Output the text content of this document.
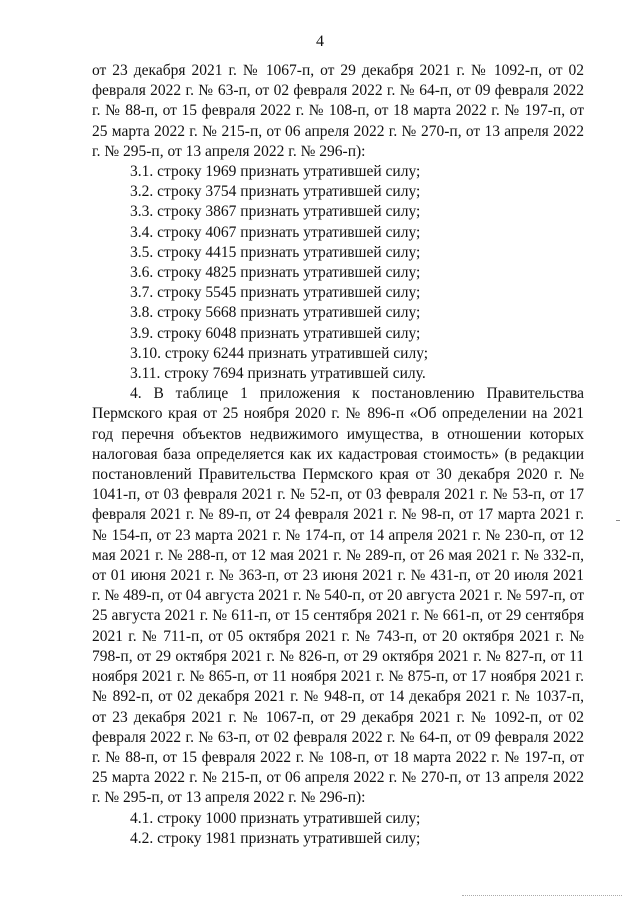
4

от 23 декабря 2021 г. № 1067-п, от 29 декабря 2021 г. № 1092-п, от 02 февраля 2022 г. № 63-п, от 02 февраля 2022 г. № 64-п, от 09 февраля 2022 г. № 88-п, от 15 февраля 2022 г. № 108-п, от 18 марта 2022 г. № 197-п, от 25 марта 2022 г. № 215-п, от 06 апреля 2022 г. № 270-п, от 13 апреля 2022 г. № 295-п, от 13 апреля 2022 г. № 296-п):

3.1. строку 1969 признать утратившей силу;

3.2. строку 3754 признать утратившей силу;

3.3. строку 3867 признать утратившей силу;

3.4. строку 4067 признать утратившей силу;

3.5. строку 4415 признать утратившей силу;

3.6. строку 4825 признать утратившей силу;

3.7. строку 5545 признать утратившей силу;

3.8. строку 5668 признать утратившей силу;

3.9. строку 6048 признать утратившей силу;

3.10. строку 6244 признать утратившей силу;

3.11. строку 7694 признать утратившей силу.

4. В таблице 1 приложения к постановлению Правительства Пермского края от 25 ноября 2020 г. № 896-п «Об определении на 2021 год перечня объектов недвижимого имущества, в отношении которых налоговая база определяется как их кадастровая стоимость» (в редакции постановлений Правительства Пермского края от 30 декабря 2020 г. № 1041-п, от 03 февраля 2021 г. № 52-п, от 03 февраля 2021 г. № 53-п, от 17 февраля 2021 г. № 89-п, от 24 февраля 2021 г. № 98-п, от 17 марта 2021 г. № 154-п, от 23 марта 2021 г. № 174-п, от 14 апреля 2021 г. № 230-п, от 12 мая 2021 г. № 288-п, от 12 мая 2021 г. № 289-п, от 26 мая 2021 г. № 332-п, от 01 июня 2021 г. № 363-п, от 23 июня 2021 г. № 431-п, от 20 июля 2021 г. № 489-п, от 04 августа 2021 г. № 540-п, от 20 августа 2021 г. № 597-п, от 25 августа 2021 г. № 611-п, от 15 сентября 2021 г. № 661-п, от 29 сентября 2021 г. № 711-п, от 05 октября 2021 г. № 743-п, от 20 октября 2021 г. № 798-п, от 29 октября 2021 г. № 826-п, от 29 октября 2021 г. № 827-п, от 11 ноября 2021 г. № 865-п, от 11 ноября 2021 г. № 875-п, от 17 ноября 2021 г. № 892-п, от 02 декабря 2021 г. № 948-п, от 14 декабря 2021 г. № 1037-п, от 23 декабря 2021 г. № 1067-п, от 29 декабря 2021 г. № 1092-п, от 02 февраля 2022 г. № 63-п, от 02 февраля 2022 г. № 64-п, от 09 февраля 2022 г. № 88-п, от 15 февраля 2022 г. № 108-п, от 18 марта 2022 г. № 197-п, от 25 марта 2022 г. № 215-п, от 06 апреля 2022 г. № 270-п, от 13 апреля 2022 г. № 295-п, от 13 апреля 2022 г. № 296-п):

4.1. строку 1000 признать утратившей силу;

4.2. строку 1981 признать утратившей силу;
